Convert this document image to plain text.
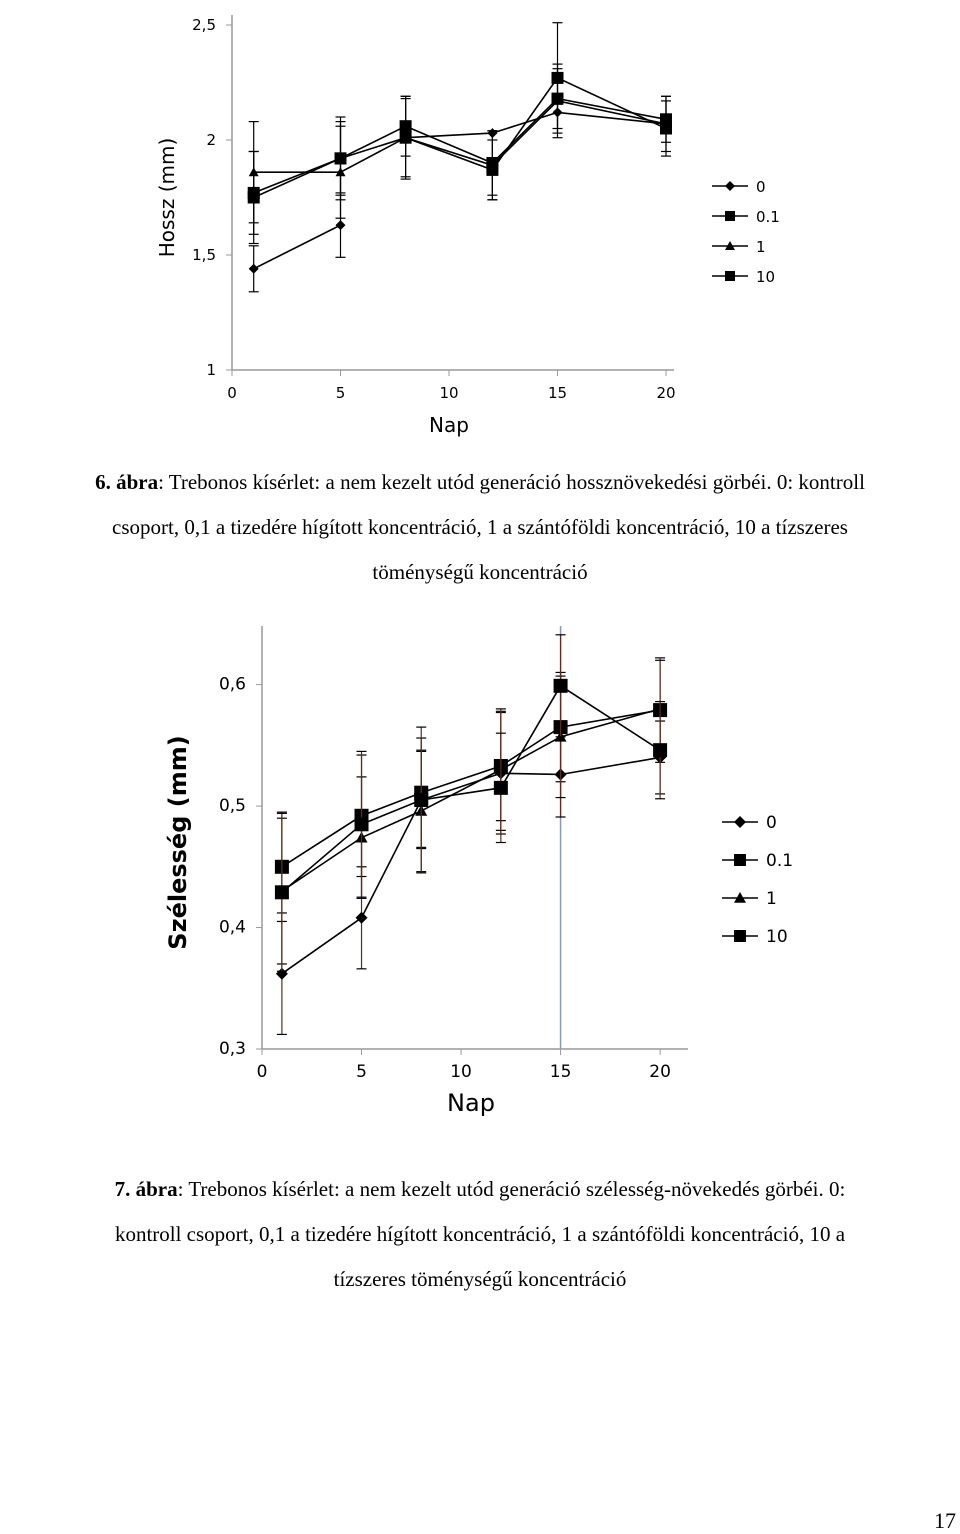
0	5	10	15	20
1
1,5
2
2,5
Nap
Hossz (mm)	0
0.1
1
10
6. ábra: Trebonos kísérlet: a nem kezelt utód generáció hossznövekedési görbéi. 0: kontroll
csoport, 0,1 a tizedére hígított koncentráció, 1 a szántóföldi koncentráció, 10 a tízszeres
töménységű koncentráció
0	5	10	15	20
0,3
0,4
0,5
0,6
Nap
Szélesség (mm)	0
0.1
1
10
7. ábra: Trebonos kísérlet: a nem kezelt utód generáció szélesség-növekedés görbéi. 0:
kontroll csoport, 0,1 a tizedére hígított koncentráció, 1 a szántóföldi koncentráció, 10 a
tízszeres töménységű koncentráció
17
